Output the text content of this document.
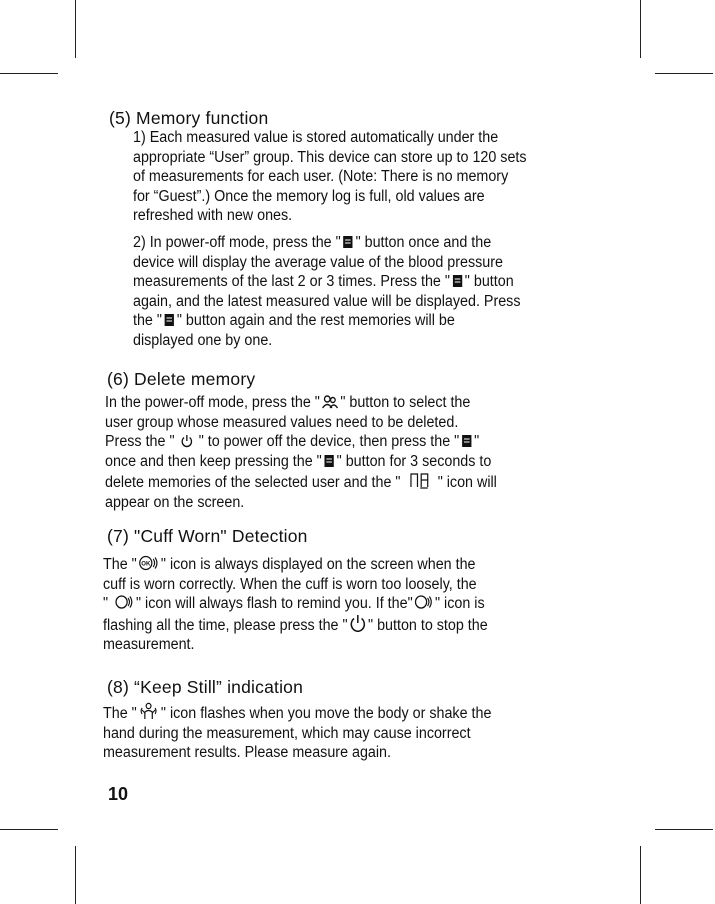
(5) Memory function
1) Each measured value is stored automatically under the
appropriate “User” group. This device can store up to 120 sets
of measurements for each user. (Note: There is no memory
for “Guest”.) Once the memory log is full, old values are
refreshed with new ones.
2) In power-off mode, press the " " button once and the
device will display the average value of the blood pressure
measurements of the last 2 or 3 times. Press the " " button
again, and the latest measured value will be displayed. Press
the " " button again and the rest memories will be
displayed one by one.
(6) Delete memory
In the power-off mode, press the " " button to select the
user group whose measured values need to be deleted.
Press the " " to power off the device, then press the " "
once and then keep pressing the " " button for 3 seconds to
delete memories of the selected user and the " " icon will
appear on the screen.
(7) "Cuff Worn" Detection
The " OK " icon is always displayed on the screen when the
cuff is worn correctly. When the cuff is worn too loosely, the
" " icon will always flash to remind you. If the" " icon is
flashing all the time, please press the " " button to stop the
measurement.
(8) “Keep Still” indication
The " " icon flashes when you move the body or shake the
hand during the measurement, which may cause incorrect
measurement results. Please measure again.
10
